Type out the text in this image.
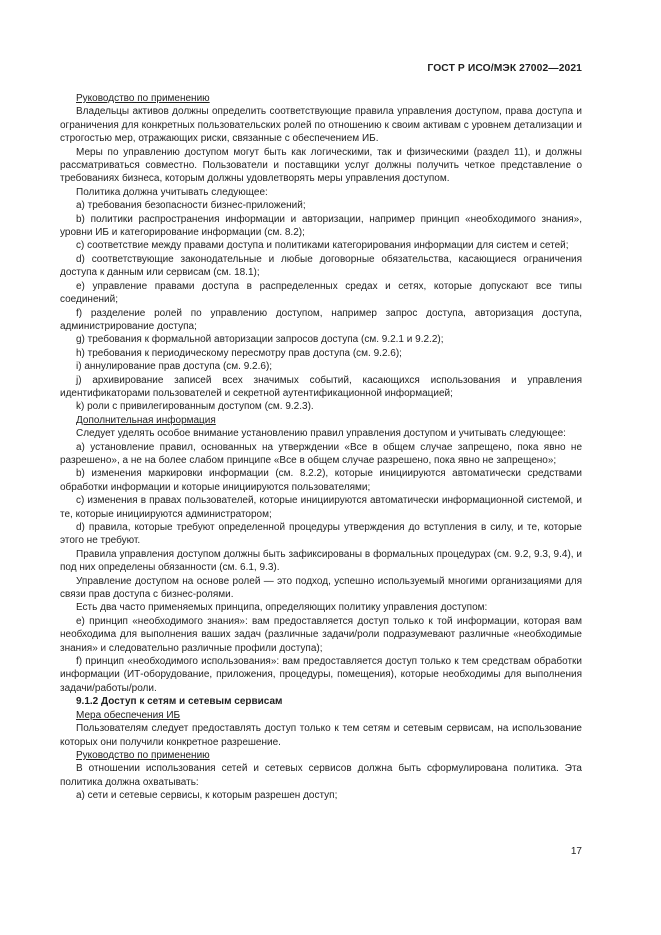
ГОСТ Р ИСО/МЭК 27002—2021

Руководство по применению

Владельцы активов должны определить соответствующие правила управления доступом, права доступа и ограничения для конкретных пользовательских ролей по отношению к своим активам с уровнем детализации и строгостью мер, отражающих риски, связанные с обеспечением ИБ.

Меры по управлению доступом могут быть как логическими, так и физическими (раздел 11), и должны рассматриваться совместно. Пользователи и поставщики услуг должны получить четкое представление о требованиях бизнеса, которым должны удовлетворять меры управления доступом.

Политика должна учитывать следующее:

a) требования безопасности бизнес-приложений;

b) политики распространения информации и авторизации, например принцип «необходимого знания», уровни ИБ и категорирование информации (см. 8.2);

c) соответствие между правами доступа и политиками категорирования информации для систем и сетей;

d) соответствующие законодательные и любые договорные обязательства, касающиеся ограничения доступа к данным или сервисам (см. 18.1);

e) управление правами доступа в распределенных средах и сетях, которые допускают все типы соединений;

f) разделение ролей по управлению доступом, например запрос доступа, авторизация доступа, администрирование доступа;

g) требования к формальной авторизации запросов доступа (см. 9.2.1 и 9.2.2);

h) требования к периодическому пересмотру прав доступа (см. 9.2.6);

i) аннулирование прав доступа (см. 9.2.6);

j) архивирование записей всех значимых событий, касающихся использования и управления идентификаторами пользователей и секретной аутентификационной информацией;

k) роли с привилегированным доступом (см. 9.2.3).

Дополнительная информация

Следует уделять особое внимание установлению правил управления доступом и учитывать следующее:

a) установление правил, основанных на утверждении «Все в общем случае запрещено, пока явно не разрешено», а не на более слабом принципе «Все в общем случае разрешено, пока явно не запрещено»;

b) изменения маркировки информации (см. 8.2.2), которые инициируются автоматически средствами обработки информации и которые инициируются пользователями;

c) изменения в правах пользователей, которые инициируются автоматически информационной системой, и те, которые инициируются администратором;

d) правила, которые требуют определенной процедуры утверждения до вступления в силу, и те, которые этого не требуют.

Правила управления доступом должны быть зафиксированы в формальных процедурах (см. 9.2, 9.3, 9.4), и под них определены обязанности (см. 6.1, 9.3).

Управление доступом на основе ролей — это подход, успешно используемый многими организациями для связи прав доступа с бизнес-ролями.

Есть два часто применяемых принципа, определяющих политику управления доступом:

e) принцип «необходимого знания»: вам предоставляется доступ только к той информации, которая вам необходима для выполнения ваших задач (различные задачи/роли подразумевают различные «необходимые знания» и следовательно различные профили доступа);

f) принцип «необходимого использования»: вам предоставляется доступ только к тем средствам обработки информации (ИТ-оборудование, приложения, процедуры, помещения), которые необходимы для выполнения задачи/работы/роли.

9.1.2 Доступ к сетям и сетевым сервисам

Мера обеспечения ИБ

Пользователям следует предоставлять доступ только к тем сетям и сетевым сервисам, на использование которых они получили конкретное разрешение.

Руководство по применению

В отношении использования сетей и сетевых сервисов должна быть сформулирована политика. Эта политика должна охватывать:

a) сети и сетевые сервисы, к которым разрешен доступ;

17
